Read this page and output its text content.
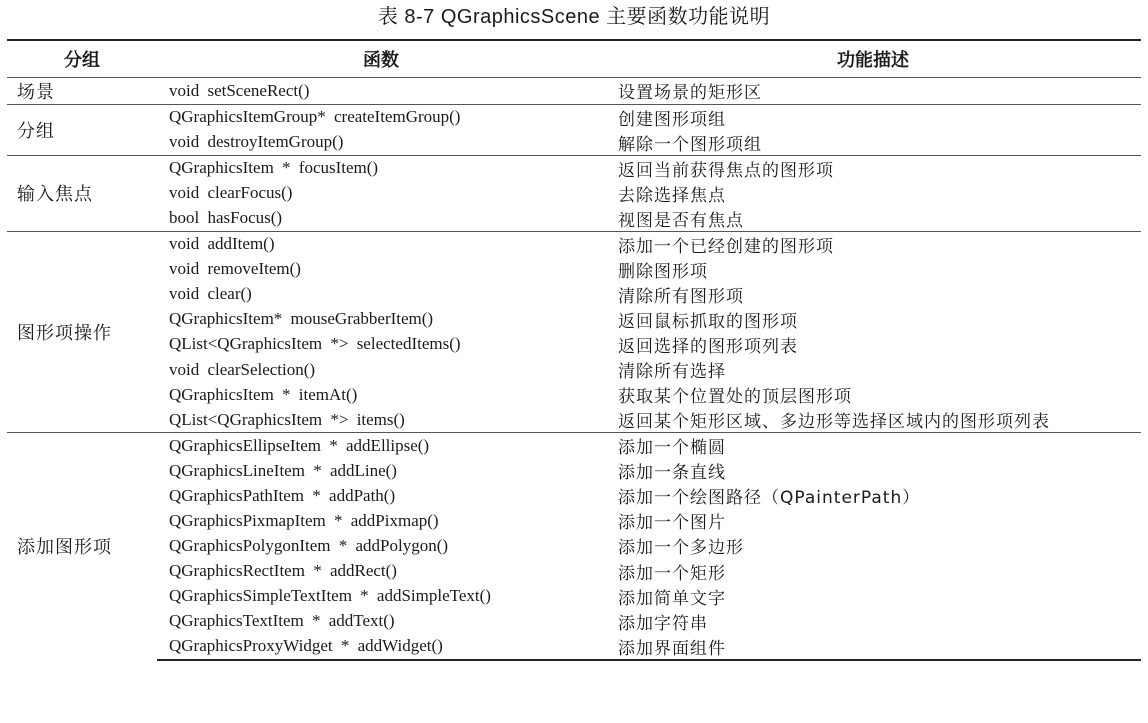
表 8-7 QGraphicsScene 主要函数功能说明
分组	函数	功能描述
场景	void setSceneRect()	设置场景的矩形区
分组	QGraphicsItemGroup* createItemGroup()	创建图形项组
	void destroyItemGroup()	解除一个图形项组
输入焦点	QGraphicsItem * focusItem()	返回当前获得焦点的图形项
	void clearFocus()	去除选择焦点
	bool hasFocus()	视图是否有焦点
图形项操作	void addItem()	添加一个已经创建的图形项
	void removeItem()	删除图形项
	void clear()	清除所有图形项
	QGraphicsItem* mouseGrabberItem()	返回鼠标抓取的图形项
	QList<QGraphicsItem *> selectedItems()	返回选择的图形项列表
	void clearSelection()	清除所有选择
	QGraphicsItem * itemAt()	获取某个位置处的顶层图形项
	QList<QGraphicsItem *> items()	返回某个矩形区域、多边形等选择区域内的图形项列表
添加图形项	QGraphicsEllipseItem * addEllipse()	添加一个椭圆
	QGraphicsLineItem * addLine()	添加一条直线
	QGraphicsPathItem * addPath()	添加一个绘图路径（QPainterPath）
	QGraphicsPixmapItem * addPixmap()	添加一个图片
	QGraphicsPolygonItem * addPolygon()	添加一个多边形
	QGraphicsRectItem * addRect()	添加一个矩形
	QGraphicsSimpleTextItem * addSimpleText()	添加简单文字
	QGraphicsTextItem * addText()	添加字符串
	QGraphicsProxyWidget * addWidget()	添加界面组件
